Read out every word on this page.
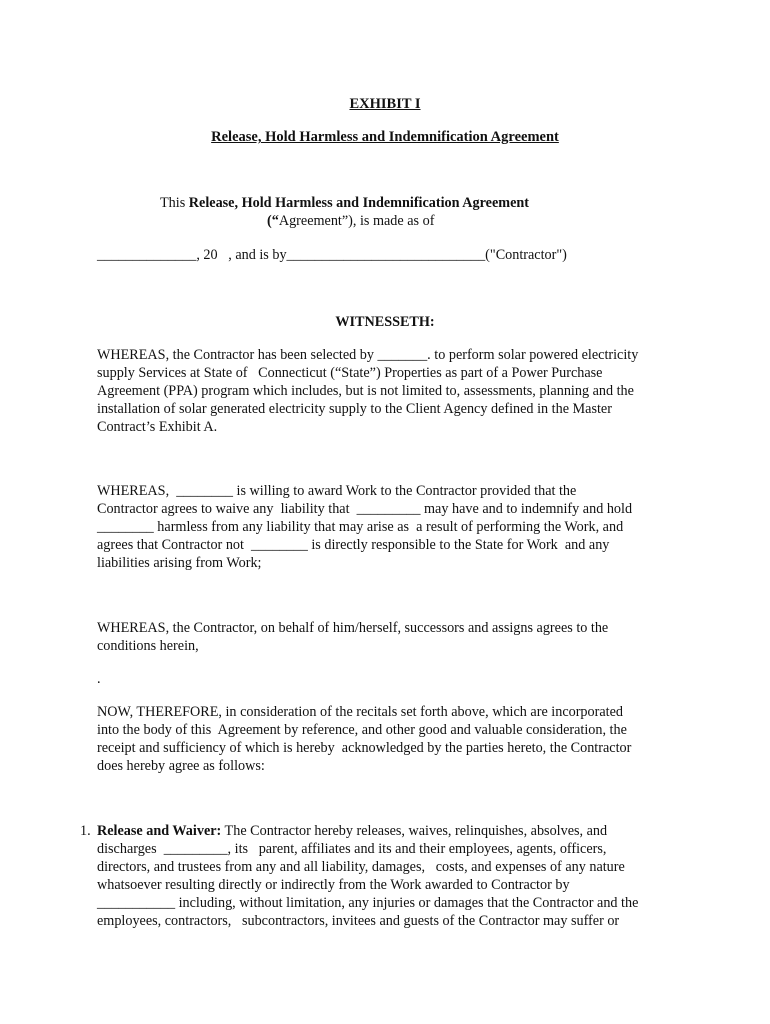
EXHIBIT I
Release, Hold Harmless and Indemnification Agreement
This Release, Hold Harmless and Indemnification Agreement
(“Agreement”), is made as of
______________, 20   , and is by____________________________("Contractor")
WITNESSETH:
WHEREAS, the Contractor has been selected by _______. to perform solar powered electricity
supply Services at State of   Connecticut (“State”) Properties as part of a Power Purchase
Agreement (PPA) program which includes, but is not limited to, assessments, planning and the
installation of solar generated electricity supply to the Client Agency defined in the Master
Contract’s Exhibit A.
WHEREAS,  ________ is willing to award Work to the Contractor provided that the
Contractor agrees to waive any  liability that  _________ may have and to indemnify and hold
________ harmless from any liability that may arise as  a result of performing the Work, and
agrees that Contractor not  ________ is directly responsible to the State for Work  and any
liabilities arising from Work;
WHEREAS, the Contractor, on behalf of him/herself, successors and assigns agrees to the
conditions herein,
.
NOW, THEREFORE, in consideration of the recitals set forth above, which are incorporated
into the body of this  Agreement by reference, and other good and valuable consideration, the
receipt and sufficiency of which is hereby  acknowledged by the parties hereto, the Contractor
does hereby agree as follows:
1. Release and Waiver: The Contractor hereby releases, waives, relinquishes, absolves, and
discharges  _________, its   parent, affiliates and its and their employees, agents, officers,
directors, and trustees from any and all liability, damages,   costs, and expenses of any nature
whatsoever resulting directly or indirectly from the Work awarded to Contractor by
___________ including, without limitation, any injuries or damages that the Contractor and the
employees, contractors,   subcontractors, invitees and guests of the Contractor may suffer or
